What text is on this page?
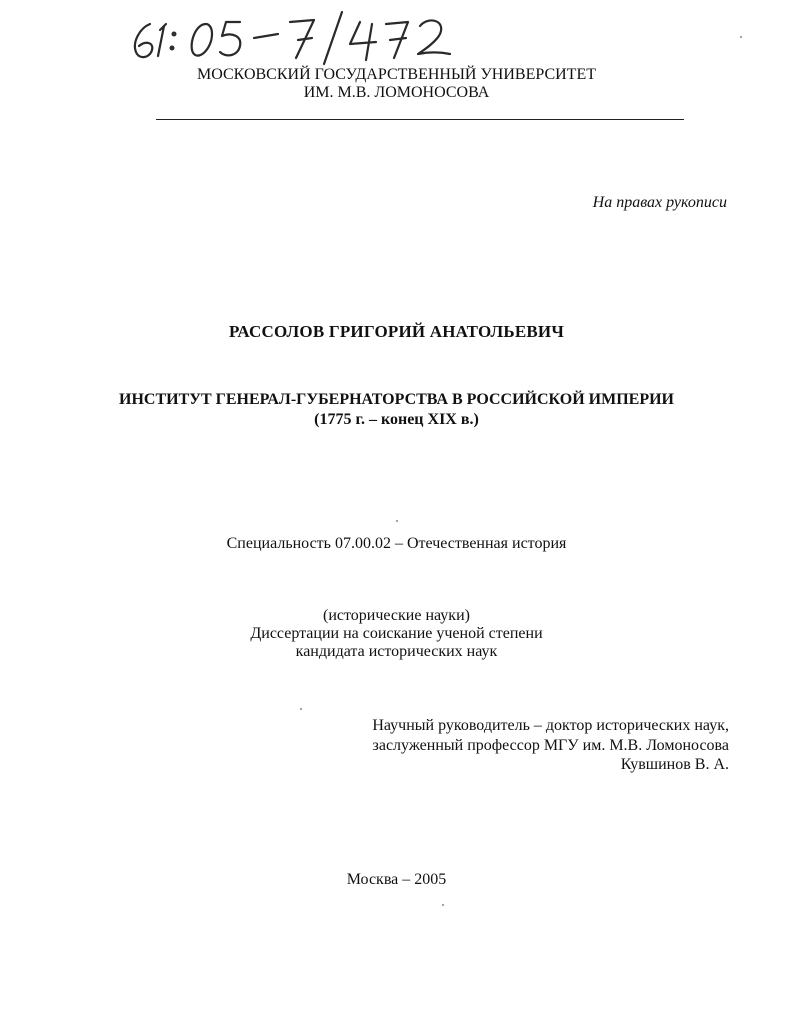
МОСКОВСКИЙ ГОСУДАРСТВЕННЫЙ УНИВЕРСИТЕТ
ИМ. М.В. ЛОМОНОСОВА
На правах рукописи
РАССОЛОВ ГРИГОРИЙ АНАТОЛЬЕВИЧ
ИНСТИТУТ ГЕНЕРАЛ-ГУБЕРНАТОРСТВА В РОССИЙСКОЙ ИМПЕРИИ
(1775 г. – конец XIX в.)
Специальность 07.00.02 – Отечественная история
(исторические науки)
Диссертации на соискание ученой степени
кандидата исторических наук
Научный руководитель – доктор исторических наук,
заслуженный профессор МГУ им. М.В. Ломоносова
Кувшинов В. А.
Москва – 2005
